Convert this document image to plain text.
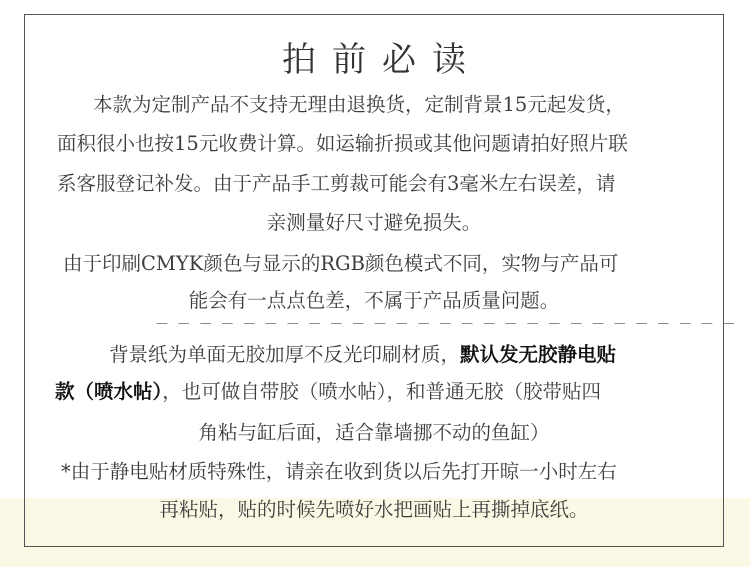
拍前必读
本款为定制产品不支持无理由退换货，定制背景15元起发货，
面积很小也按15元收费计算。如运输折损或其他问题请拍好照片联
系客服登记补发。由于产品手工剪裁可能会有3毫米左右误差，请
亲测量好尺寸避免损失。
由于印刷CMYK颜色与显示的RGB颜色模式不同，实物与产品可
能会有一点点色差，不属于产品质量问题。
－－－－－－－－－－－－－－－－－－－－－－－－－－－
背景纸为单面无胶加厚不反光印刷材质，默认发无胶静电贴
款（喷水帖），也可做自带胶（喷水帖），和普通无胶（胶带贴四
角粘与缸后面，适合靠墙挪不动的鱼缸）
*由于静电贴材质特殊性，请亲在收到货以后先打开晾一小时左右
再粘贴，贴的时候先喷好水把画贴上再撕掉底纸。
